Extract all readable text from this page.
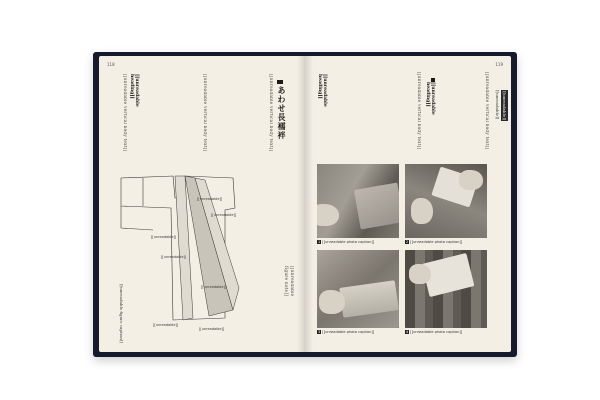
118
あわせ長襦袢
[[unreadable vertical body text]]
[[unreadable vertical body text]]
[[unreadable heading]]
[[unreadable vertical body text]]
[[unreadable]]
[[unreadable]]
[[unreadable]]
[[unreadable]]
[[unreadable]]
[[unreadable]]
[[unreadable]]
[[unreadable figure caption]]
[[unreadable figure note]]
119
[[unreadable]]
[[unreadable]]
[[unreadable vertical body text]]
[[unreadable heading]]
[[unreadable vertical body text]]
[[unreadable heading]]
1 [[unreadable photo caption]]	2 [[unreadable photo caption]]
3 [[unreadable photo caption]]	4 [[unreadable photo caption]]
